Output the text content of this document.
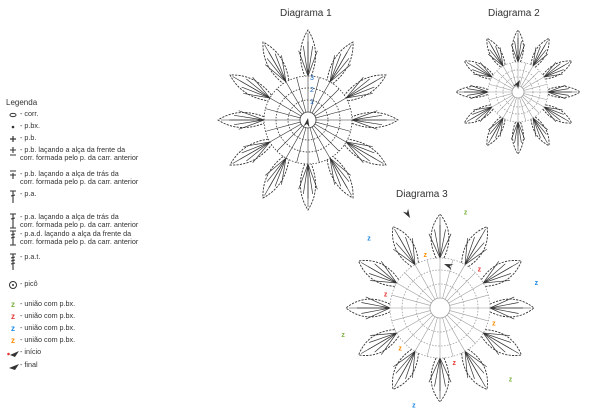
Diagrama 1	Diagrama 2
Diagrama 3
Legenda
- corr.
- p.bx.
- p.b.
- p.b. laçando a alça da frente da
corr. formada pelo p. da carr. anterior
- p.b. laçando a alça de trás da
corr. formada pelo p. da carr. anterior
- p.a.
- p.a. laçando a alça de trás da
corr. formada pelo p. da carr. anterior
- p.a.d. laçando a alça da frente da
corr. formada pelo p. da carr. anterior
- p.a.t.
- picô
z - união com p.bx.
z - união com p.bx.
z - união com p.bx.
z - união com p.bx.
- início
- final
3
2
1
z
z
z
z
z
z
z
z
z
z
z
z
